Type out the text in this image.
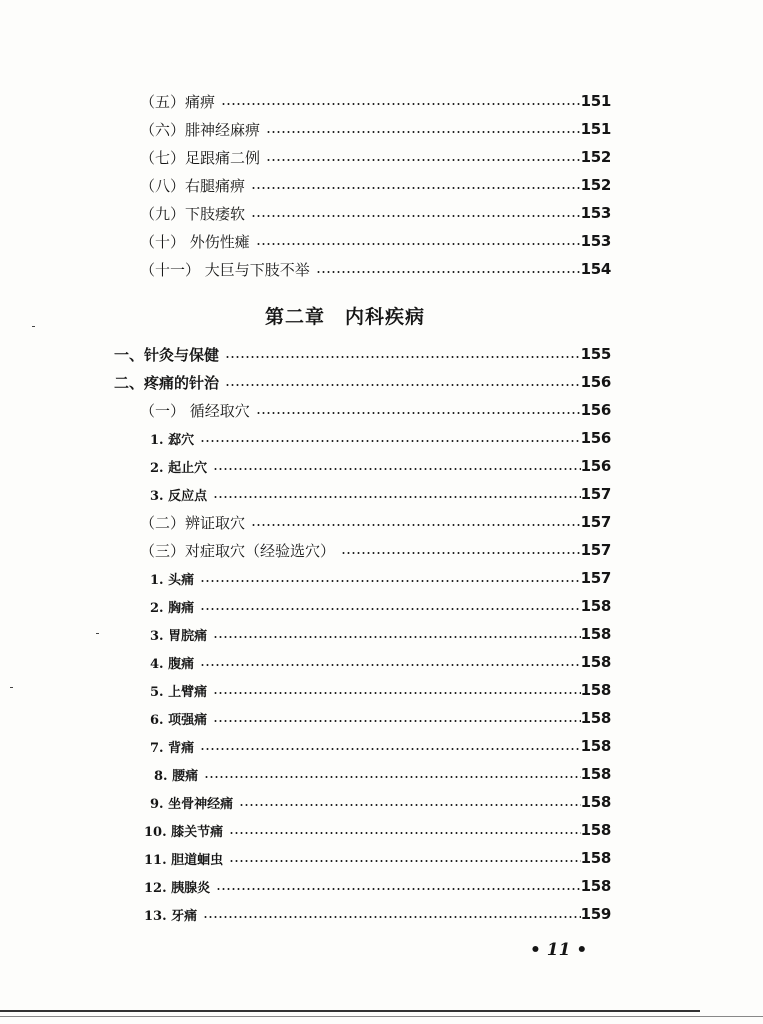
（五）痛痹	151
（六）腓神经麻痹	151
（七）足跟痛二例	152
（八）右腿痛痹	152
（九）下肢痿软	153
（十） 外伤性瘫	153
（十一） 大巨与下肢不举	154
第二章　内科疾病
一、针灸与保健	155
二、疼痛的针治	156
（一） 循经取穴	156
1. 郄穴	156
2. 起止穴	156
3. 反应点	157
（二）辨证取穴	157
（三）对症取穴（经验选穴）	157
1. 头痛	157
2. 胸痛	158
3. 胃脘痛	158
4. 腹痛	158
5. 上臂痛	158
6. 项强痛	158
7. 背痛	158
8. 腰痛	158
9. 坐骨神经痛	158
10. 膝关节痛	158
11. 胆道蛔虫	158
12. 胰腺炎	158
13. 牙痛	159
• 11 •
